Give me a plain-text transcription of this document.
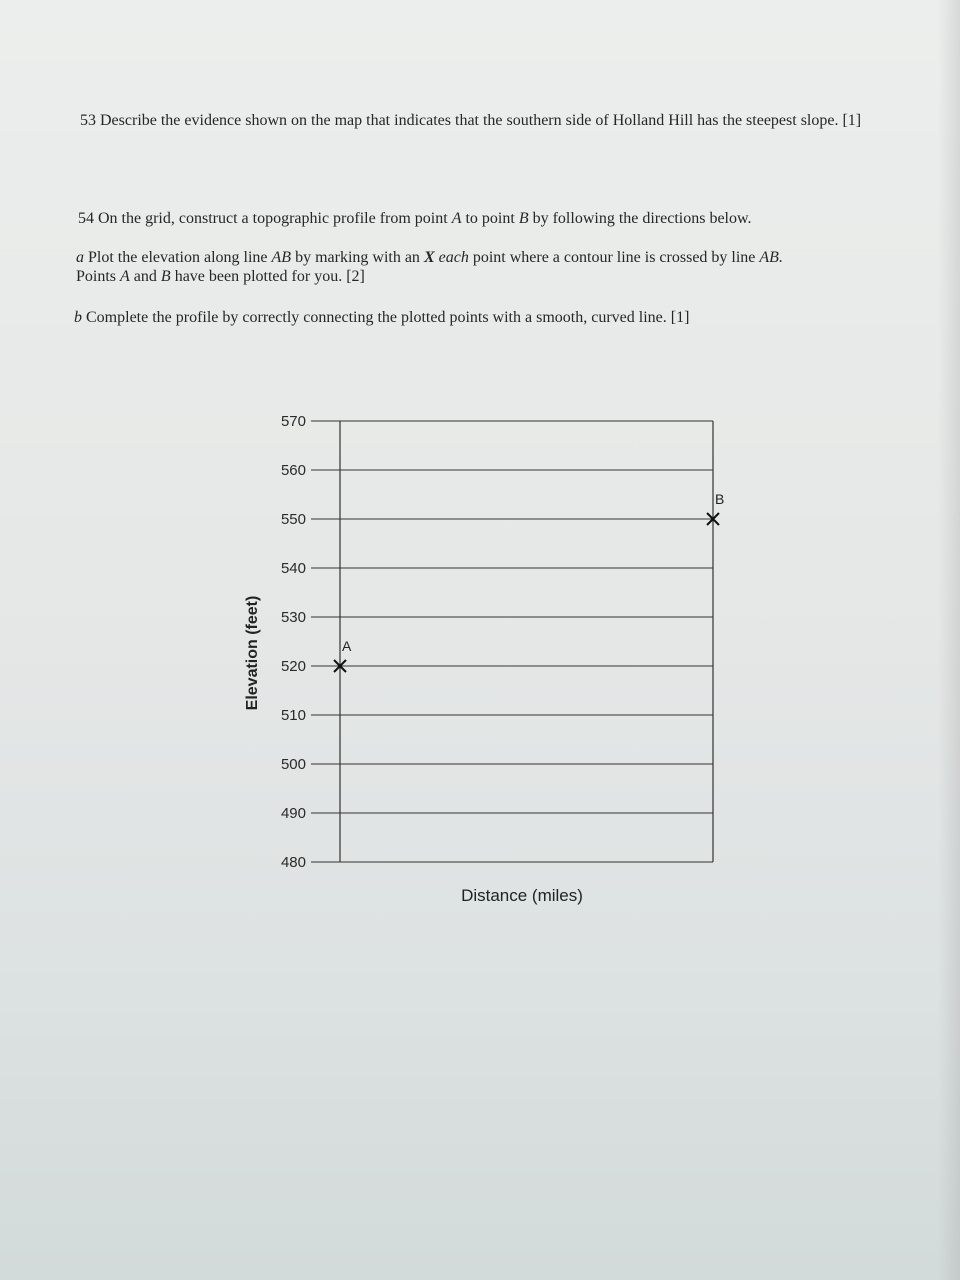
53 Describe the evidence shown on the map that indicates that the southern side of Holland Hill has the steepest slope. [1]
54 On the grid, construct a topographic profile from point A to point B by following the directions below.
a Plot the elevation along line AB by marking with an X each point where a contour line is crossed by line AB.
Points A and B have been plotted for you. [2]
b Complete the profile by correctly connecting the plotted points with a smooth, curved line. [1]
570
560
550
540
530
520
510
500
490
480
A
B
Elevation (feet)
Distance (miles)
